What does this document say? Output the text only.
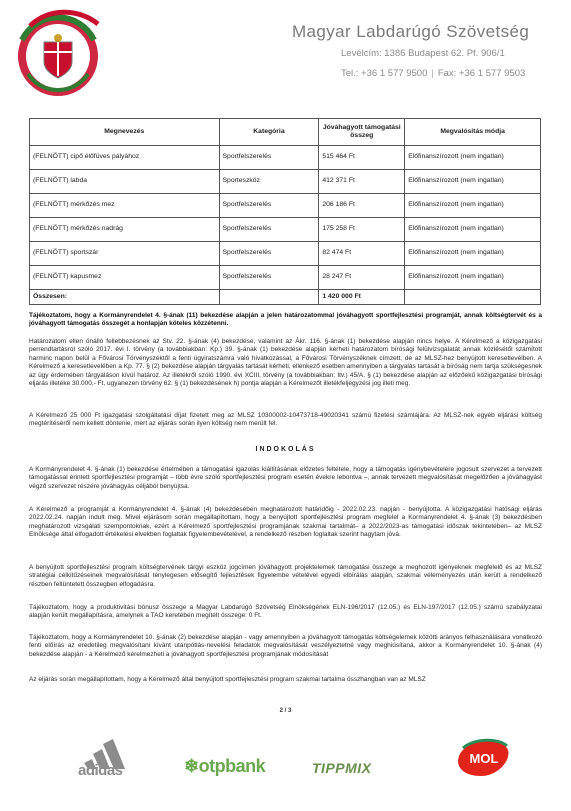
Magyar Labdarúgó Szövetség
Levélcím: 1386 Budapest 62. Pf. 906/1
Tel.: +36 1 577 9500 | Fax: +36 1 577 9503
Megnevezés	Kategória	Jóváhagyott támogatási összeg	Megvalósítás módja
(FELNŐTT) cipő élőfüves pályához	Sportfelszerelés	515 464 Ft	Előfinanszírozott (nem ingatlan)
(FELNŐTT) labda	Sporteszköz	412 371 Ft	Előfinanszírozott (nem ingatlan)
(FELNŐTT) mérkőzés mez	Sportfelszerelés	206 186 Ft	Előfinanszírozott (nem ingatlan)
(FELNŐTT) mérkőzés nadrág	Sportfelszerelés	175 258 Ft	Előfinanszírozott (nem ingatlan)
(FELNŐTT) sportszár	Sportfelszerelés	82 474 Ft	Előfinanszírozott (nem ingatlan)
(FELNŐTT) kapusmez	Sportfelszerelés	28 247 Ft	Előfinanszírozott (nem ingatlan)
Összesen:		1 420 000 Ft	
Tájékoztatom, hogy a Kormányrendelet 4. §-ának (11) bekezdése alapján a jelen határozatommal jóváhagyott sportfejlesztési programját, annak költségtervét és a jóváhagyott támogatás összegét a honlapján köteles közzétenni.
Határozatom ellen önálló fellebbezésnek az Stv. 22. §-ának (4) bekezdése, valamint az Ákr. 116. §-ának (1) bekezdése alapján nincs helye. A Kérelmező a közigazgatási perrendtartásról szóló 2017. évi I. törvény (a továbbiakban: Kp.) 39. §-ának (1) bekezdése alapján kérheti határozatom bírósági felülvizsgálatát annak közlésétől számított harminc napon belül a Fővárosi Törvényszéktől a fenti ügyiratszámra való hivatkozással, a Fővárosi Törvényszéknek címzett, de az MLSZ-hez benyújtott keresetlevélben. A Kérelmező a keresetlevelében a Kp. 77. § (2) bekezdése alapján tárgyalás tartását kérheti, ellenkező esetben amennyiben a tárgyalás tartását a bíróság nem tartja szükségesnek az ügy érdemében tárgyaláson kívül határoz. Az illetékről szóló 1990. évi XCIII. törvény (a továbbiakban: Itv.) 45/A. § (1) bekezdése alapján az előzőekű közigazgatási bírósági eljárás illetéke 30.000,- Ft, ugyanezen törvény 62. § (1) bekezdésének h) pontja alapján a Kérelmezőt illetékfeljegyzési jog illeti meg.
A Kérelmező 25 000 Ft igazgatási szolgáltatási díjat fizetett meg az MLSZ 10300002-10473718-49020341 számú fizetési számlájára. Az MLSZ-nek egyéb eljárási költség megtérítéséről nem kellett döntenie, mert az eljárás során ilyen költség nem merült fel.
INDOKOLÁS
A Kormányrendelet 4. §-ának (1) bekezdése értelmében a támogatási igazolás kiállításának előzetes feltétele, hogy a támogatás igénybevételére jogosult szervezet a tervezett támogatással érintett sportfejlesztési programját – több évre szóló sportfejlesztési program esetén évekre lebontva –, annak tervezett megvalósítását megelőzően a jóváhagyást végző szervezet részére jóváhagyás céljából benyújtsa.
A Kérelmező a programját a Kormányrendelet 4. §-ának (4) bekezdésében meghatározott határidőig - 2022.02.23. napján - benyújtotta. A közigazgatási hatósági eljárás 2022.02.24. napján indult meg. Mivel eljárásom során megállapítottam, hogy a benyújtott sportfejlesztési program megfelel a Kormányrendelet 4. §-ának (3) bekezdésben meghatározott vizsgálati szempontoknak, ezért a Kérelmező sportfejlesztési programjának szakmai tartalmát– a 2022/2023-as támogatási időszak tekintetében– az MLSZ Elnöksége által elfogadott értékelési elvekben foglaltak figyelembevételével, a rendelkező részben foglaltak szerint hagytam jóvá.
A benyújtott sportfejlesztési program költségtervének tárgyi eszköz jogcímen jóváhagyott projektelemek támogatási összege a meghozott igényeknek megfelelő és az MLSZ stratégiai célkitűzéseinek megvalósítását ténylegesen elősegítő fejlesztések figyelembe vételével egyedi elbírálás alapján, szakmai véleményezés után került a rendelkező részben feltüntetett összegben elfogadásra.
Tájékoztatom, hogy a produktivitási bónusz összege a Magyar Labdarúgó Szövetség Elnökségének ELN-196/2017 (12.05.) és ELN-197/2017 (12.05.) számú szabályzatai alapján került megállapításra, amelynek a TAO keretében megítélt összege: 0 Ft.
Tájékoztatom, hogy a Kormányrendelet 10. §-ának (2) bekezdése alapján - vagy amennyiben a jóváhagyott támogatás költségelemek közötti arányos felhasználására vonatkozó fenti előírás az eredetileg megvalósítani kívánt utánpótlás-nevelési feladatok megvalósítását veszélyeztetné vagy meghiúsítaná, akkor a Kormányrendelet 10. §-ának (4) bekezdése alapján - a Kérelmező kérelmezheti a jóváhagyott sportfejlesztési programjának módosítását
Az eljárás során megállapítottam, hogy a Kérelmező által benyújtott sportfejlesztési program szakmai tartalma összhangban van az MLSZ
2 / 3
adidas	❄otpbank	TIPPMIX
MOL
